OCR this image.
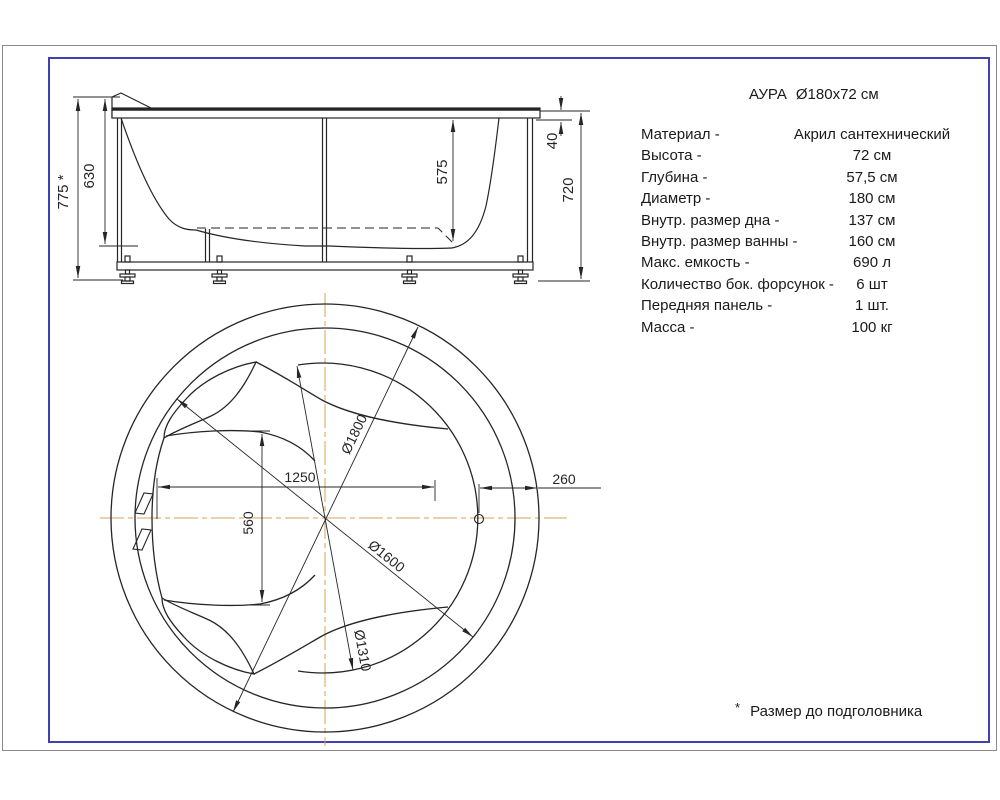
775 * 630	575
40
720
1250
560
260
Ø1800
Ø1600
Ø1310
АУРА Ø180x72 см
Материал -	Акрил сантехнический
Высота -	72 см
Глубина -	57,5 см
Диаметр -	180 см
Внутр. размер дна -	137 см
Внутр. размер ванны -	160 см
Макс. емкость -	690 л
Количество бок. форсунок -	6 шт
Передняя панель -	1 шт.
Масса -	100 кг
* Размер до подголовника
